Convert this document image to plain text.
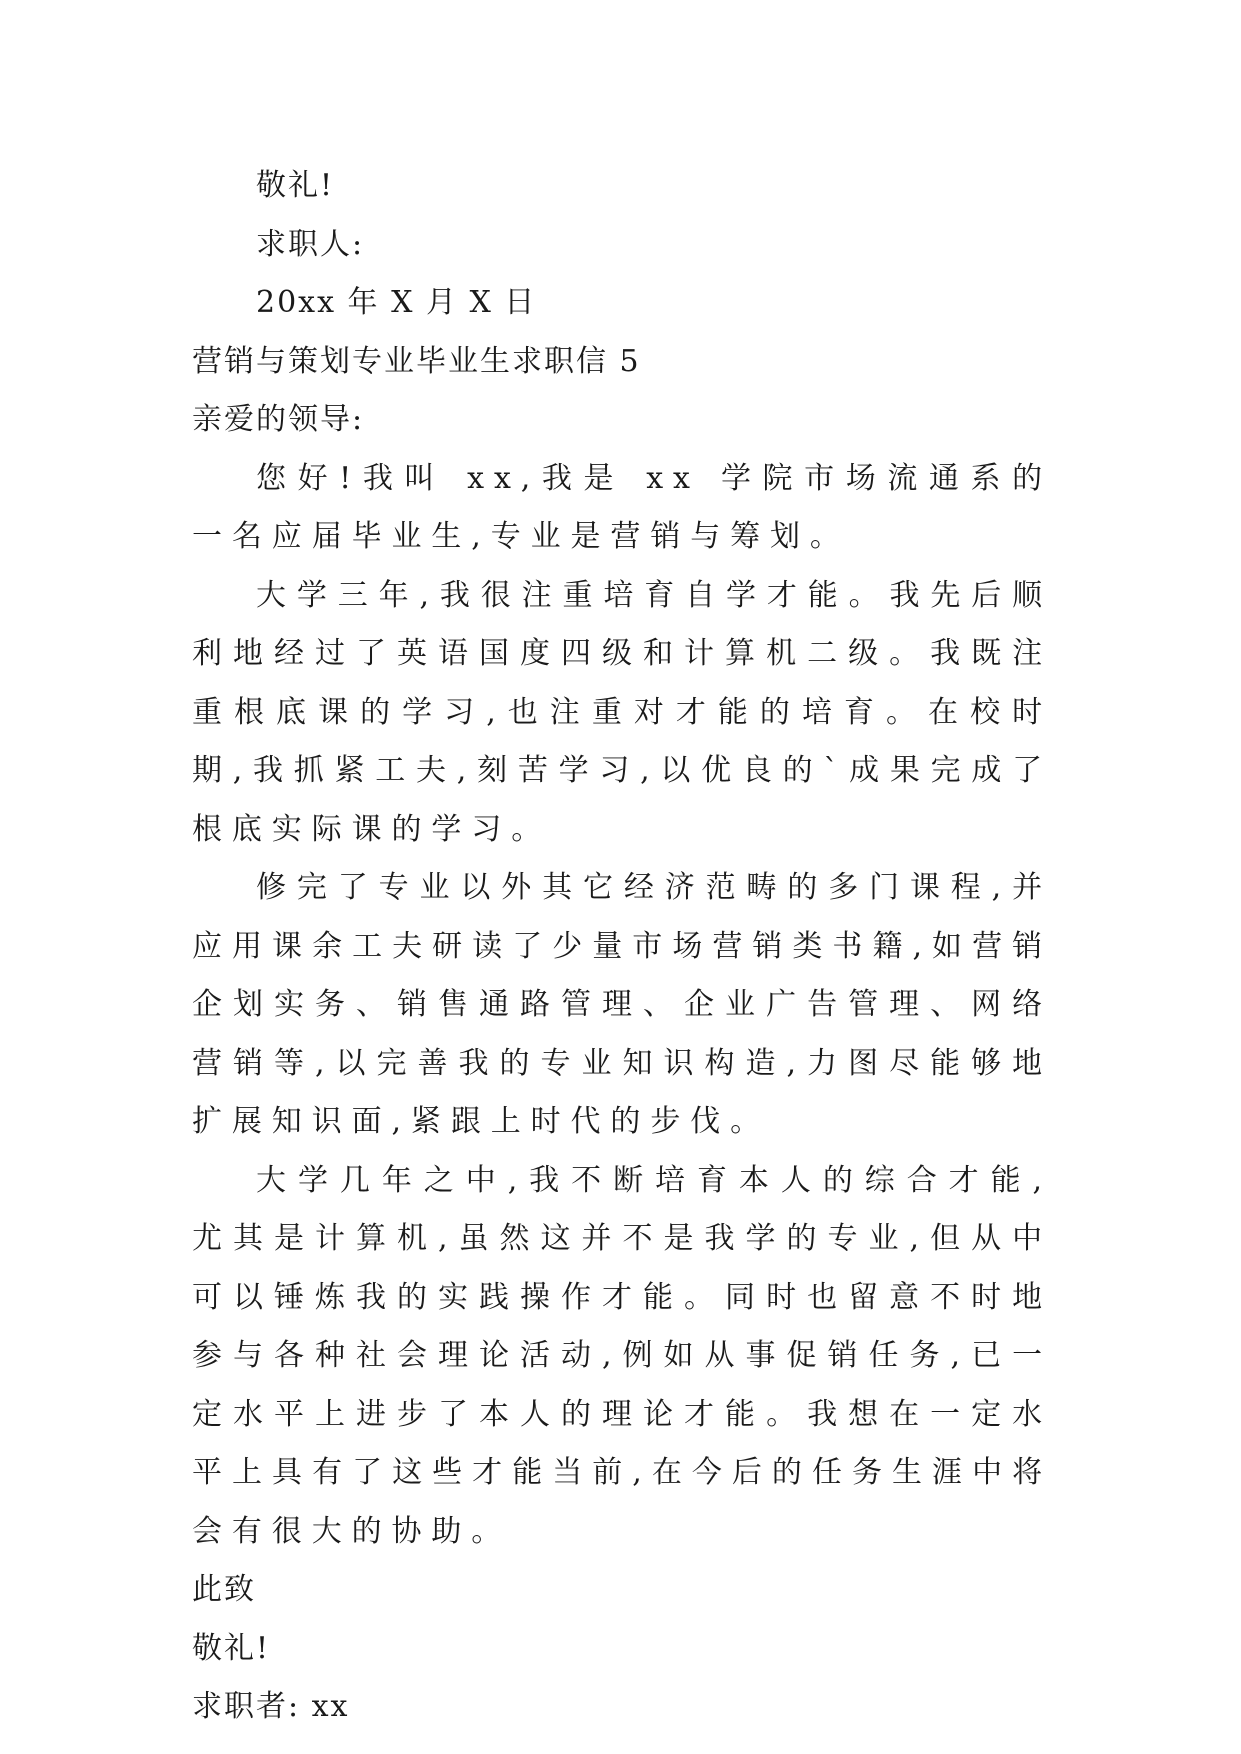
敬礼!
求职人:
20xx 年 X 月 X 日
营销与策划专业毕业生求职信 5
亲爱的领导:

您好!我叫 xx,我是 xx 学院市场流通系的一名应届毕业生,专业是营销与筹划。

大学三年,我很注重培育自学才能。我先后顺利地经过了英语国度四级和计算机二级。我既注重根底课的学习,也注重对才能的培育。在校时期,我抓紧工夫,刻苦学习,以优良的`成果完成了根底实际课的学习。

修完了专业以外其它经济范畴的多门课程,并应用课余工夫研读了少量市场营销类书籍,如营销企划实务、销售通路管理、企业广告管理、网络营销等,以完善我的专业知识构造,力图尽能够地扩展知识面,紧跟上时代的步伐。

大学几年之中,我不断培育本人的综合才能,尤其是计算机,虽然这并不是我学的专业,但从中可以锤炼我的实践操作才能。同时也留意不时地参与各种社会理论活动,例如从事促销任务,已一定水平上进步了本人的理论才能。我想在一定水平上具有了这些才能当前,在今后的任务生涯中将会有很大的协助。

此致
敬礼!
求职者: xx
